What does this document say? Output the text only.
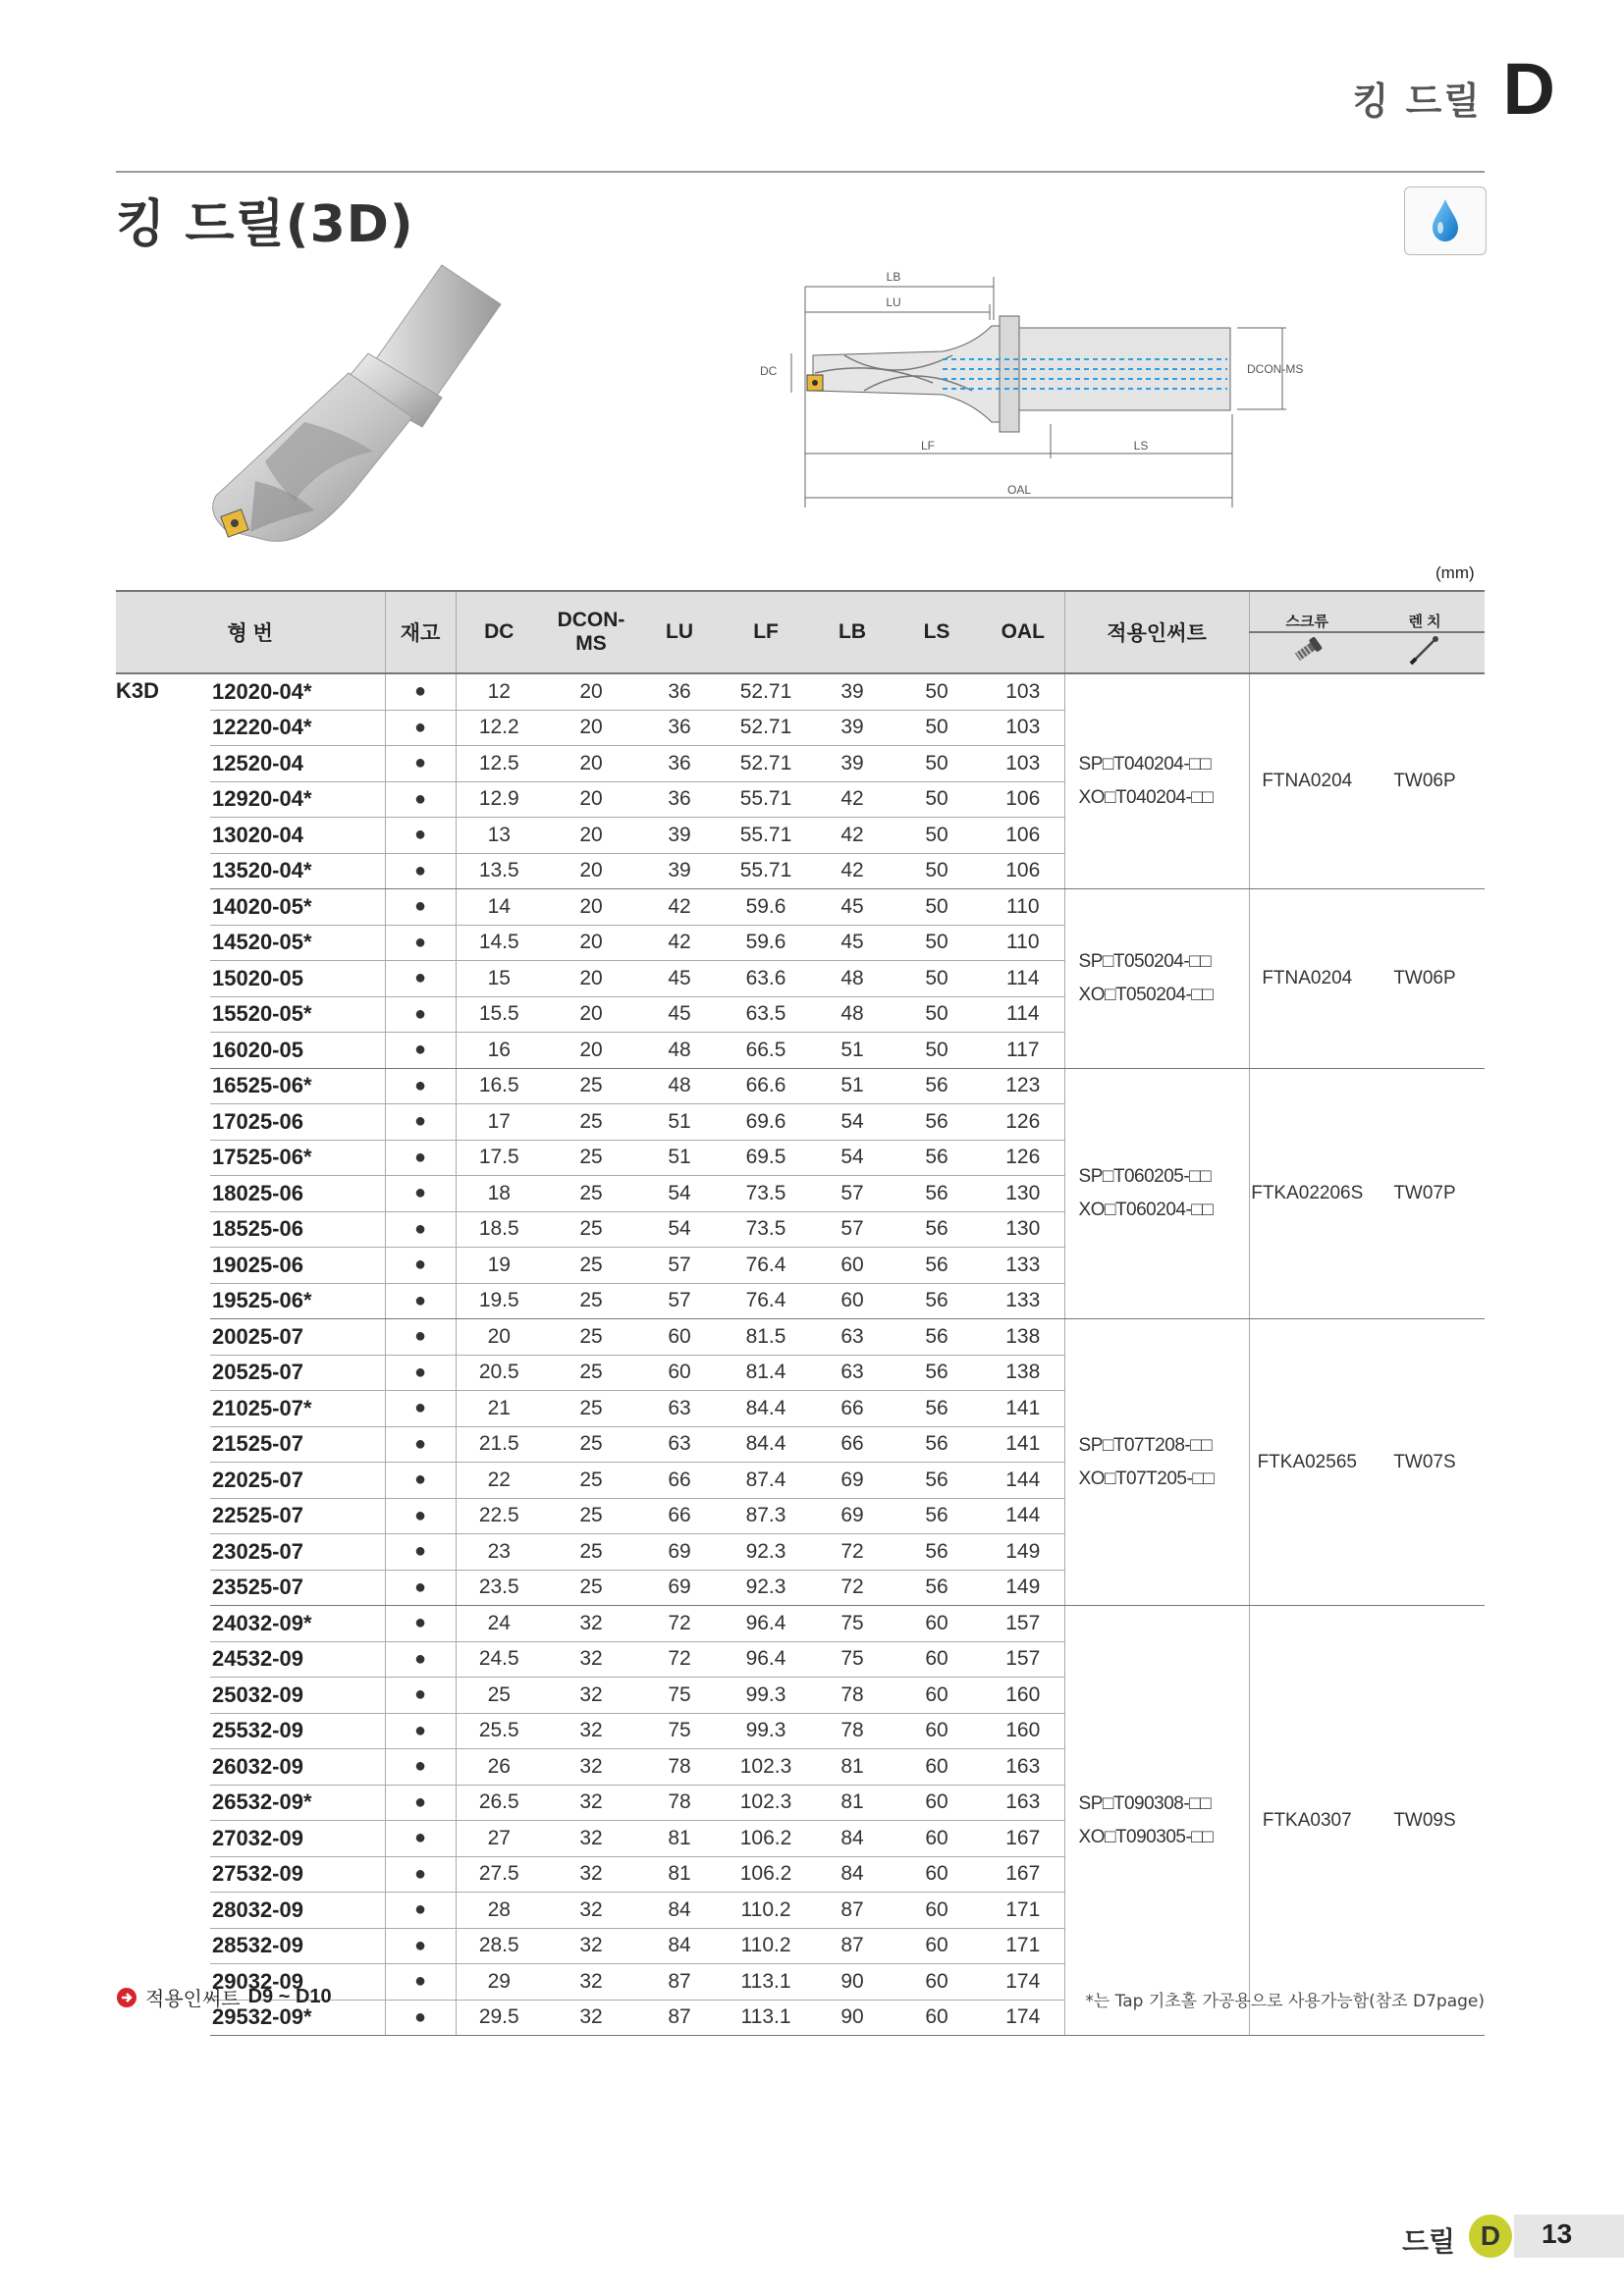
킹 드릴 D
킹 드릴(3D)
LB
LU
DC	DCON-MS
LF	LS
OAL
(mm)
형 번		재고	DC	DCON-MS	LU	LF	LB	LS	OAL	적용인써트	스크류	렌 치

K3D	12020-04*	●	12	20	36	52.71	39	50	103	SP□T040204-□□
XO□T040204-□□	FTNA0204	TW06P
	12220-04*	●	12.2	20	36	52.71	39	50	103			
	12520-04	●	12.5	20	36	52.71	39	50	103			
	12920-04*	●	12.9	20	36	55.71	42	50	106			
	13020-04	●	13	20	39	55.71	42	50	106			
	13520-04*	●	13.5	20	39	55.71	42	50	106			
	14020-05*	●	14	20	42	59.6	45	50	110	SP□T050204-□□
XO□T050204-□□	FTNA0204	TW06P
	14520-05*	●	14.5	20	42	59.6	45	50	110			
	15020-05	●	15	20	45	63.6	48	50	114			
	15520-05*	●	15.5	20	45	63.5	48	50	114			
	16020-05	●	16	20	48	66.5	51	50	117			
	16525-06*	●	16.5	25	48	66.6	51	56	123	SP□T060205-□□
XO□T060204-□□	FTKA02206S	TW07P
	17025-06	●	17	25	51	69.6	54	56	126			
	17525-06*	●	17.5	25	51	69.5	54	56	126			
	18025-06	●	18	25	54	73.5	57	56	130			
	18525-06	●	18.5	25	54	73.5	57	56	130			
	19025-06	●	19	25	57	76.4	60	56	133			
	19525-06*	●	19.5	25	57	76.4	60	56	133			
	20025-07	●	20	25	60	81.5	63	56	138	SP□T07T208-□□
XO□T07T205-□□	FTKA02565	TW07S
	20525-07	●	20.5	25	60	81.4	63	56	138			
	21025-07*	●	21	25	63	84.4	66	56	141			
	21525-07	●	21.5	25	63	84.4	66	56	141			
	22025-07	●	22	25	66	87.4	69	56	144			
	22525-07	●	22.5	25	66	87.3	69	56	144			
	23025-07	●	23	25	69	92.3	72	56	149			
	23525-07	●	23.5	25	69	92.3	72	56	149			
	24032-09*	●	24	32	72	96.4	75	60	157	SP□T090308-□□
XO□T090305-□□	FTKA0307	TW09S
	24532-09	●	24.5	32	72	96.4	75	60	157			
	25032-09	●	25	32	75	99.3	78	60	160			
	25532-09	●	25.5	32	75	99.3	78	60	160			
	26032-09	●	26	32	78	102.3	81	60	163			
	26532-09*	●	26.5	32	78	102.3	81	60	163			
	27032-09	●	27	32	81	106.2	84	60	167			
	27532-09	●	27.5	32	81	106.2	84	60	167			
	28032-09	●	28	32	84	110.2	87	60	171			
	28532-09	●	28.5	32	84	110.2	87	60	171			
	29032-09	●	29	32	87	113.1	90	60	174			
	29532-09*	●	29.5	32	87	113.1	90	60	174			
적용인써트 D9 ~ D10	*는 Tap 기초홀 가공용으로 사용가능함(참조 D7page)
드릴 D	13
